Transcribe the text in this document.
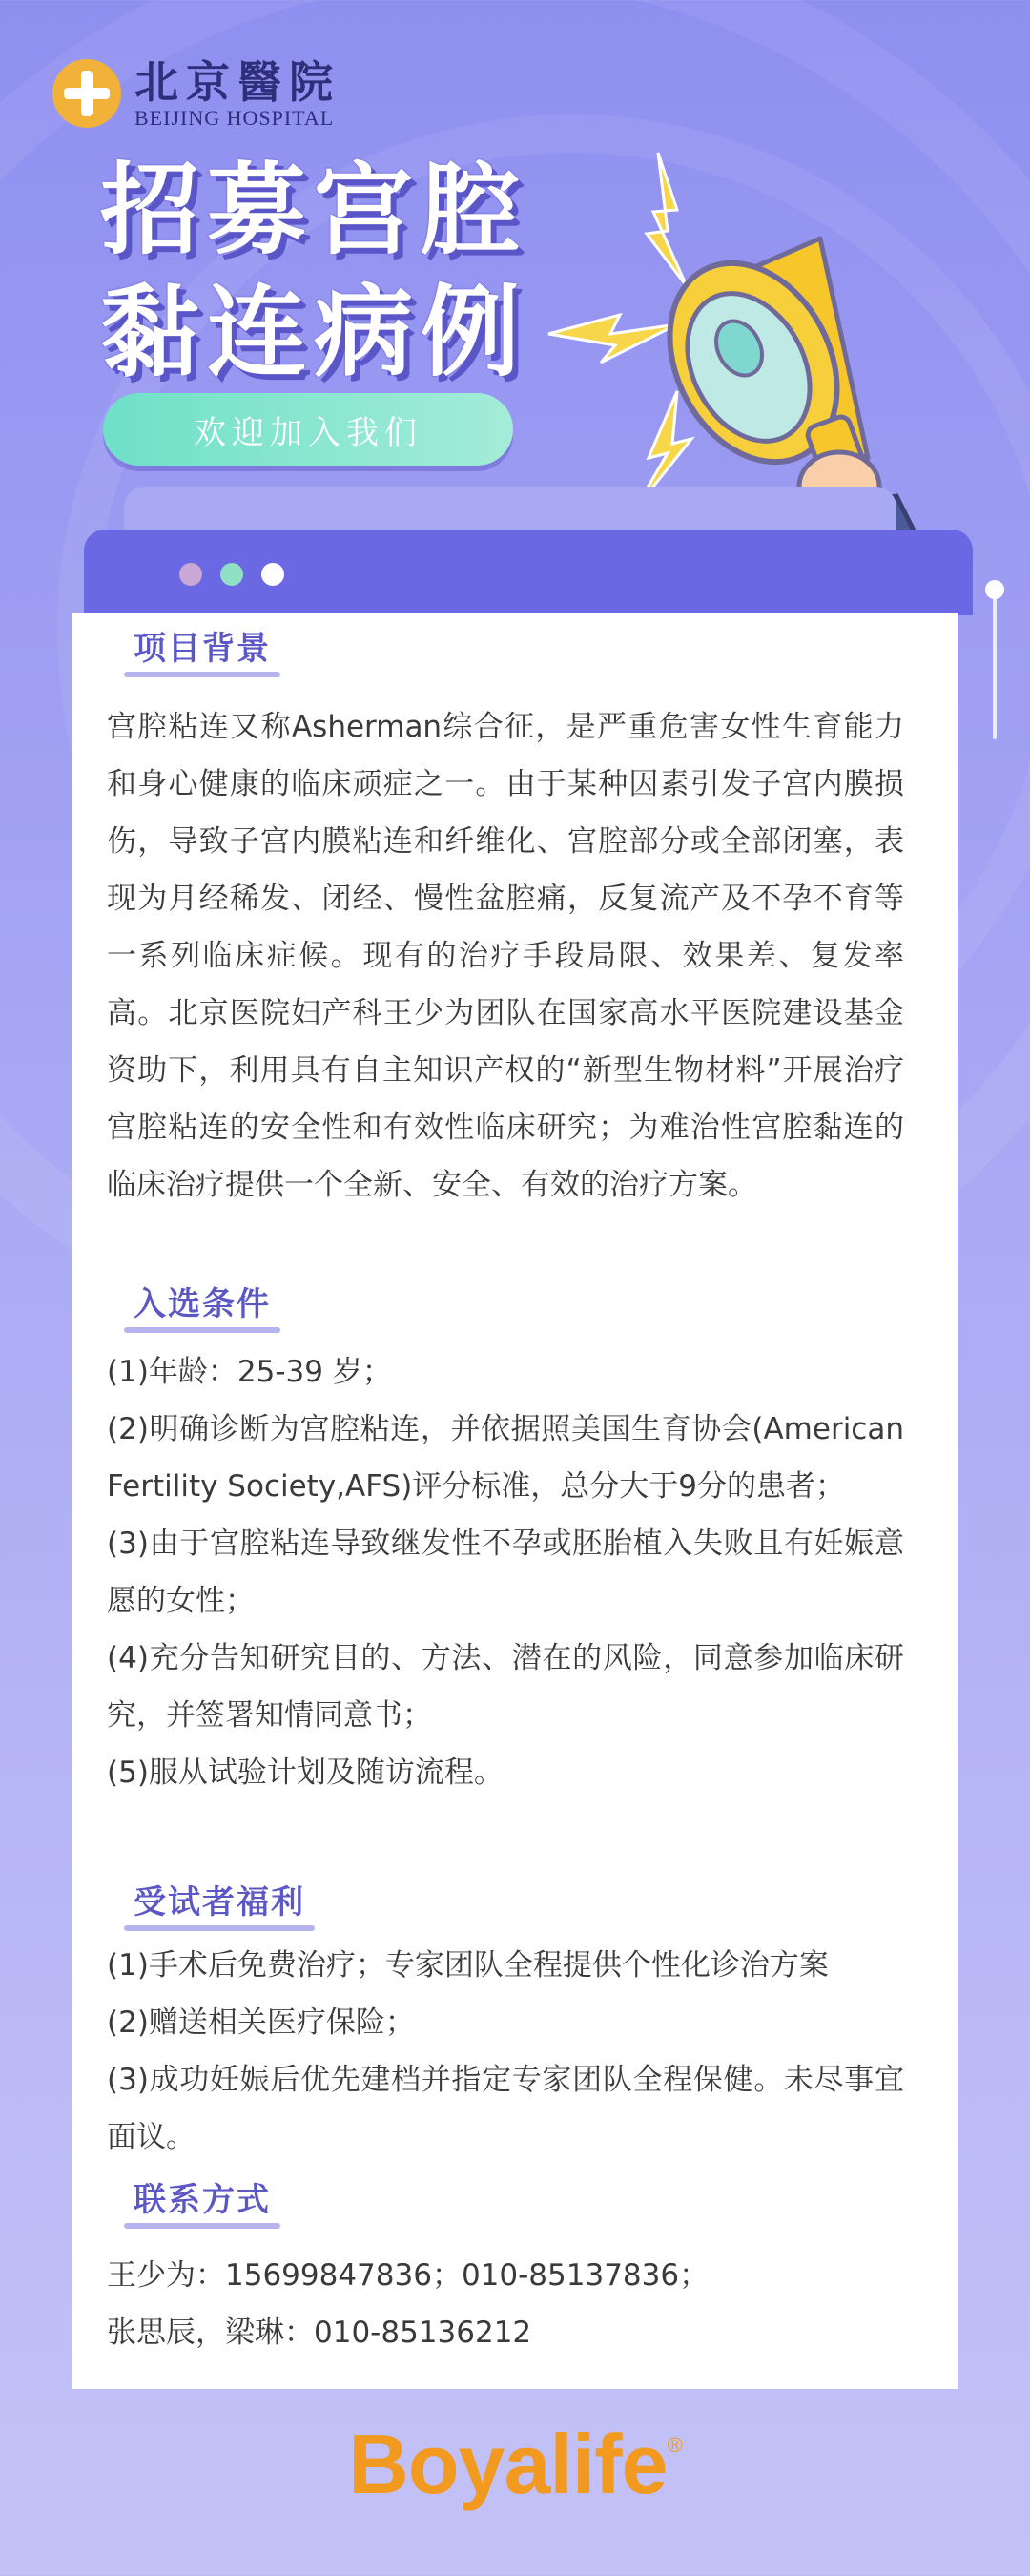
北京醫院
BEIJING HOSPITAL
招募宫腔
黏连病例
欢迎加入我们
项目背景

宫腔粘连又称Asherman综合征，是严重危害女性生育能力和身心健康的临床顽症之一。由于某种因素引发子宫内膜损伤，导致子宫内膜粘连和纤维化、宫腔部分或全部闭塞，表现为月经稀发、闭经、慢性盆腔痛，反复流产及不孕不育等一系列临床症候。现有的治疗手段局限、效果差、复发率高。北京医院妇产科王少为团队在国家高水平医院建设基金资助下，利用具有自主知识产权的“新型生物材料”开展治疗宫腔粘连的安全性和有效性临床研究；为难治性宫腔黏连的临床治疗提供一个全新、安全、有效的治疗方案。

入选条件

(1)年龄：25-39 岁；

(2)明确诊断为宫腔粘连，并依据照美国生育协会(American Fertility Society,AFS)评分标准，总分大于9分的患者；

(3)由于宫腔粘连导致继发性不孕或胚胎植入失败且有妊娠意愿的女性；

(4)充分告知研究目的、方法、潜在的风险，同意参加临床研究，并签署知情同意书；

(5)服从试验计划及随访流程。

受试者福利

(1)手术后免费治疗；专家团队全程提供个性化诊治方案

(2)赠送相关医疗保险；

(3)成功妊娠后优先建档并指定专家团队全程保健。未尽事宜面议。

联系方式

王少为：15699847836；010-85137836；

张思辰，梁琳：010-85136212

Boyalife®
